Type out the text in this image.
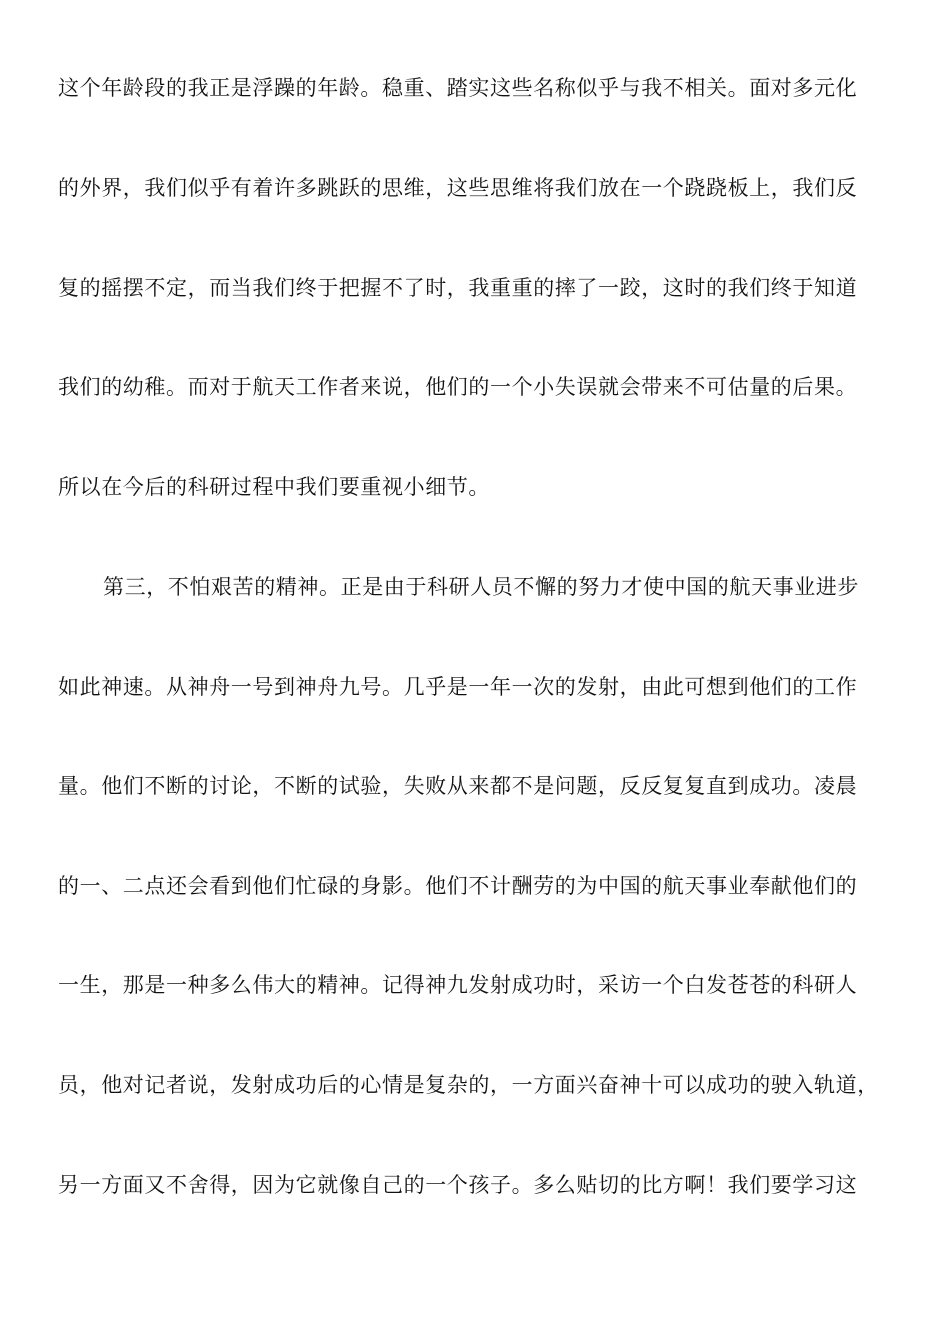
这个年龄段的我正是浮躁的年龄。稳重、踏实这些名称似乎与我不相关。面对多元化
的外界，我们似乎有着许多跳跃的思维，这些思维将我们放在一个跷跷板上，我们反
复的摇摆不定，而当我们终于把握不了时，我重重的摔了一跤，这时的我们终于知道
我们的幼稚。而对于航天工作者来说，他们的一个小失误就会带来不可估量的后果。
所以在今后的科研过程中我们要重视小细节。
第三，不怕艰苦的精神。正是由于科研人员不懈的努力才使中国的航天事业进步
如此神速。从神舟一号到神舟九号。几乎是一年一次的发射，由此可想到他们的工作
量。他们不断的讨论，不断的试验，失败从来都不是问题，反反复复直到成功。凌晨
的一、二点还会看到他们忙碌的身影。他们不计酬劳的为中国的航天事业奉献他们的
一生，那是一种多么伟大的精神。记得神九发射成功时，采访一个白发苍苍的科研人
员，他对记者说，发射成功后的心情是复杂的，一方面兴奋神十可以成功的驶入轨道，
另一方面又不舍得，因为它就像自己的一个孩子。多么贴切的比方啊！我们要学习这
